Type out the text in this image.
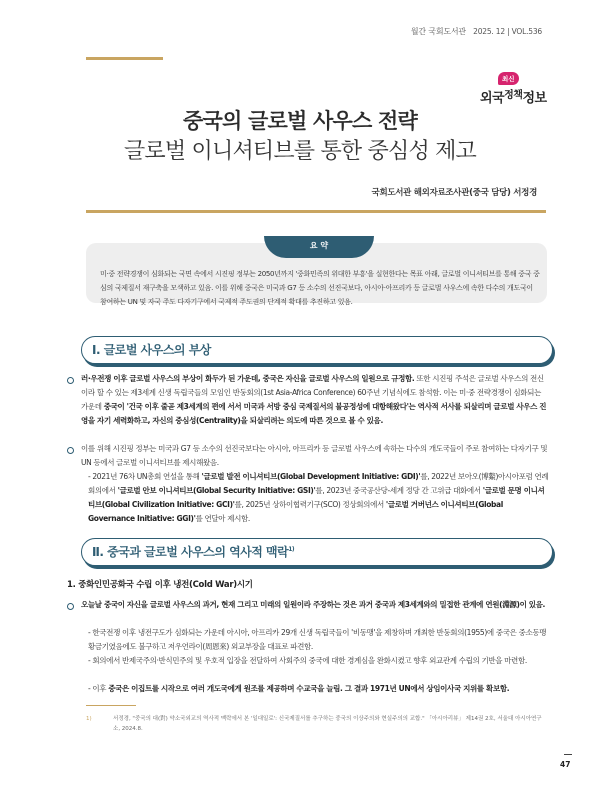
월간 국회도서관 2025. 12 | VOL.536
최신
외국$^{정책}$정보
중국의 글로벌 사우스 전략
글로벌 이니셔티브를 통한 중심성 제고
국회도서관 해외자료조사관(중국 담당) 서정경
요 약
미·중 전략경쟁이 심화되는 국면 속에서 시진핑 정부는 2050년까지 '중화민족의 위대한 부흥'을 실현한다는 목표 아래, 글로벌 이니셔티브를 통해 중국 중심의 국제질서 재구축을 모색하고 있음. 이를 위해 중국은 미국과 G7 등 소수의 선진국보다, 아시아·아프리카 등 글로벌 사우스에 속한 다수의 개도국이 참여하는 UN 및 자국 주도 다자기구에서 국제적 주도권의 단계적 확대를 추진하고 있음.
Ⅰ. 글로벌 사우스의 부상
러·우전쟁 이후 글로벌 사우스의 부상이 화두가 된 가운데, 중국은 자신을 글로벌 사우스의 일원으로 규정함. 또한 시진핑 주석은 글로벌 사우스의 전신이라 할 수 있는 제3세계 신생 독립국들의 모임인 반둥회의(1st Asia-Africa Conference) 60주년 기념식에도 참석함. 이는 미·중 전략경쟁이 심화되는 가운데 중국이 '건국 이후 줄곧 제3세계의 편에 서서 미국과 서방 중심 국제질서의 불공정성에 대항해왔다'는 역사적 서사를 되살리며 글로벌 사우스 진영을 자기 세력화하고, 자신의 중심성(Centrality)을 되살리려는 의도에 따른 것으로 볼 수 있음.
이를 위해 시진핑 정부는 미국과 G7 등 소수의 선진국보다는 아시아, 아프리카 등 글로벌 사우스에 속하는 다수의 개도국들이 주로 참여하는 다자기구 및 UN 등에서 글로벌 이니셔티브를 제시해왔음.
- 2021년 76차 UN총회 연설을 통해 '글로벌 발전 이니셔티브(Global Development Initiative: GDI)'를, 2022년 보아오(博鰲)아시아포럼 연례회의에서 '글로벌 안보 이니셔티브(Global Security Initiative: GSI)'를, 2023년 중국공산당-세계 정당 간 고위급 대화에서 '글로벌 문명 이니셔티브(Global Civilization Initiative: GCI)'를, 2025년 상하이협력기구(SCO) 정상회의에서 '글로벌 거버넌스 이니셔티브(Global Governance Initiative: GGI)'를 연달아 제시함.
Ⅱ. 중국과 글로벌 사우스의 역사적 맥락$^{1)}$
1. 중화인민공화국 수립 이후 냉전(Cold War)시기
오늘날 중국이 자신을 글로벌 사우스의 과거, 현재 그리고 미래의 일원이라 주장하는 것은 과거 중국과 제3세계와의 밀접한 관계에 연원(淵源)이 있음.
- 한국전쟁 이후 냉전구도가 심화되는 가운데 아시아, 아프리카 29개 신생 독립국들이 '비동맹'을 제창하며 개최한 반둥회의(1955)에 중국은 중소동맹 황금기였음에도 불구하고 저우언라이(周恩來) 외교부장을 대표로 파견함.
- 회의에서 반제국주의·반식민주의 및 우호적 입장을 전달하여 사회주의 중국에 대한 경계심을 완화시켰고 향후 외교관계 수립의 기반을 마련함.
- 이후 중국은 이집트를 시작으로 여러 개도국에게 원조를 제공하며 수교국을 늘림. 그 결과 1971년 UN에서 상임이사국 지위를 확보함.
1)	서정경, "중국의 대(對) 약소국외교의 역사적 맥락에서 본 '일대일로': 신국제질서를 추구하는 중국의 이상주의와 현실주의의 교합." 「아시아리뷰」 제14권 2호, 서울대 아시아연구소, 2024.8.
47
